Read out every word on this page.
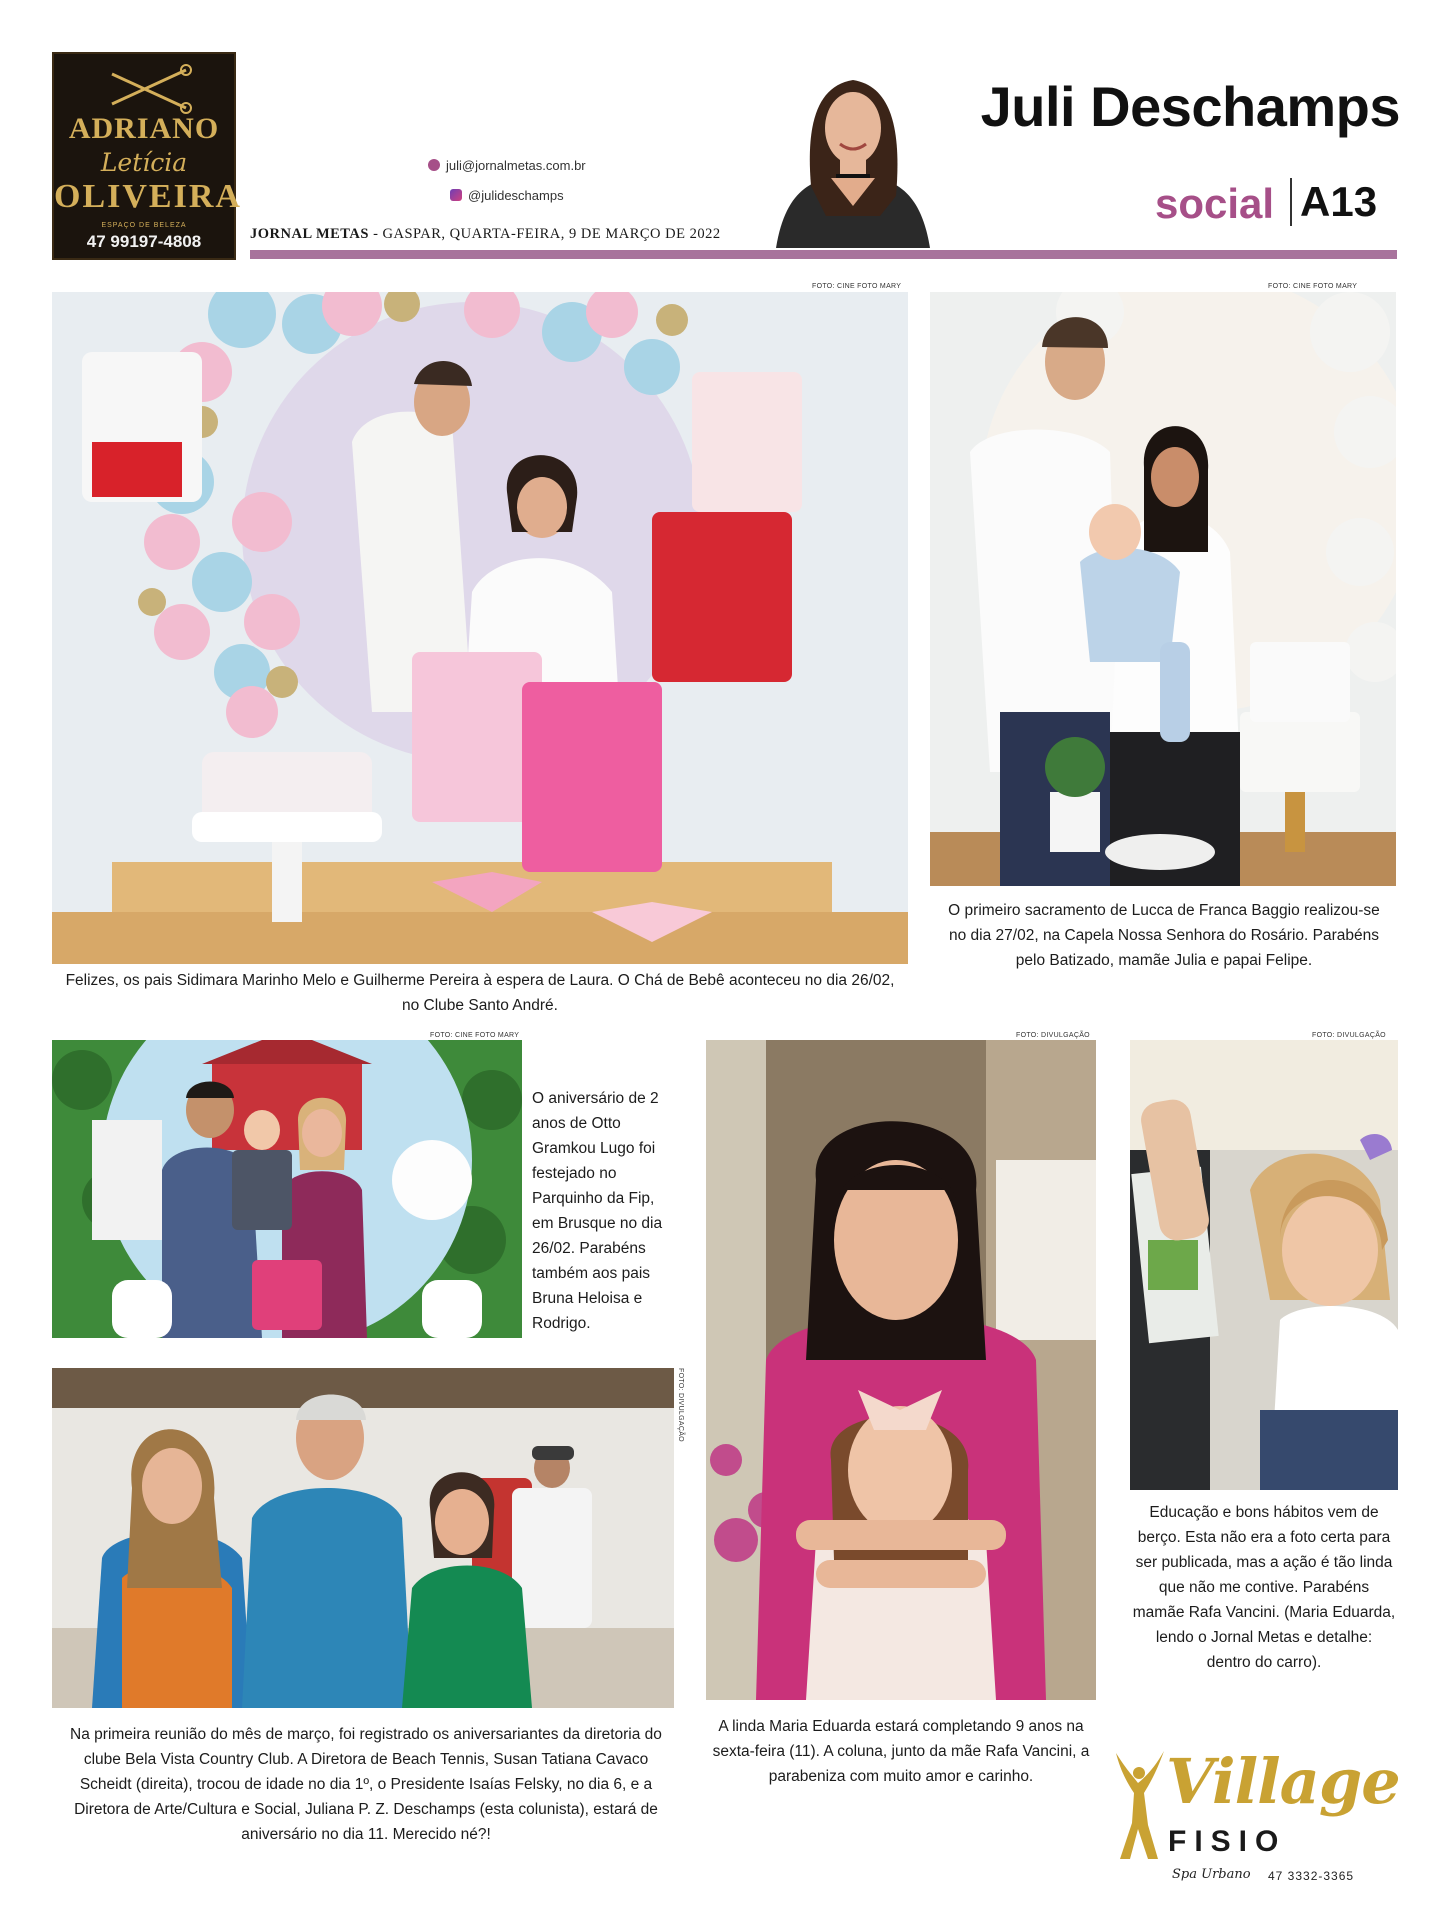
ADRIANO
Letícia
OLIVEIRA
ESPAÇO DE BELEZA
47 99197-4808
juli@jornalmetas.com.br
@julideschamps
JORNAL METAS - GASPAR, QUARTA-FEIRA, 9 DE MARÇO DE 2022
Juli Deschamps
social A13
FOTO: CINE FOTO MARY
Felizes, os pais Sidimara Marinho Melo e Guilherme Pereira à espera de Laura. O Chá de Bebê aconteceu no dia 26/02, no Clube Santo André.
FOTO: CINE FOTO MARY
O primeiro sacramento de Lucca de Franca Baggio realizou-se no dia 27/02, na Capela Nossa Senhora do Rosário. Parabéns pelo Batizado, mamãe Julia e papai Felipe.
FOTO: CINE FOTO MARY
O aniversário de 2 anos de Otto Gramkou Lugo foi festejado no Parquinho da Fip, em Brusque no dia 26/02. Parabéns também aos pais Bruna Heloisa e Rodrigo.
FOTO: DIVULGAÇÃO
Na primeira reunião do mês de março, foi registrado os aniversariantes da diretoria do clube Bela Vista Country Club. A Diretora de Beach Tennis, Susan Tatiana Cavaco Scheidt (direita), trocou de idade no dia 1º, o Presidente Isaías Felsky, no dia 6, e a Diretora de Arte/Cultura e Social, Juliana P. Z. Deschamps (esta colunista), estará de aniversário no dia 11. Merecido né?!
FOTO: DIVULGAÇÃO
A linda Maria Eduarda estará completando 9 anos na sexta-feira (11). A coluna, junto da mãe Rafa Vancini, a parabeniza com muito amor e carinho.
FOTO: DIVULGAÇÃO
Educação e bons hábitos vem de berço. Esta não era a foto certa para ser publicada, mas a ação é tão linda que não me contive. Parabéns mamãe Rafa Vancini. (Maria Eduarda, lendo o Jornal Metas e detalhe: dentro do carro).
Village
FISIO
Spa Urbano 47 3332-3365
